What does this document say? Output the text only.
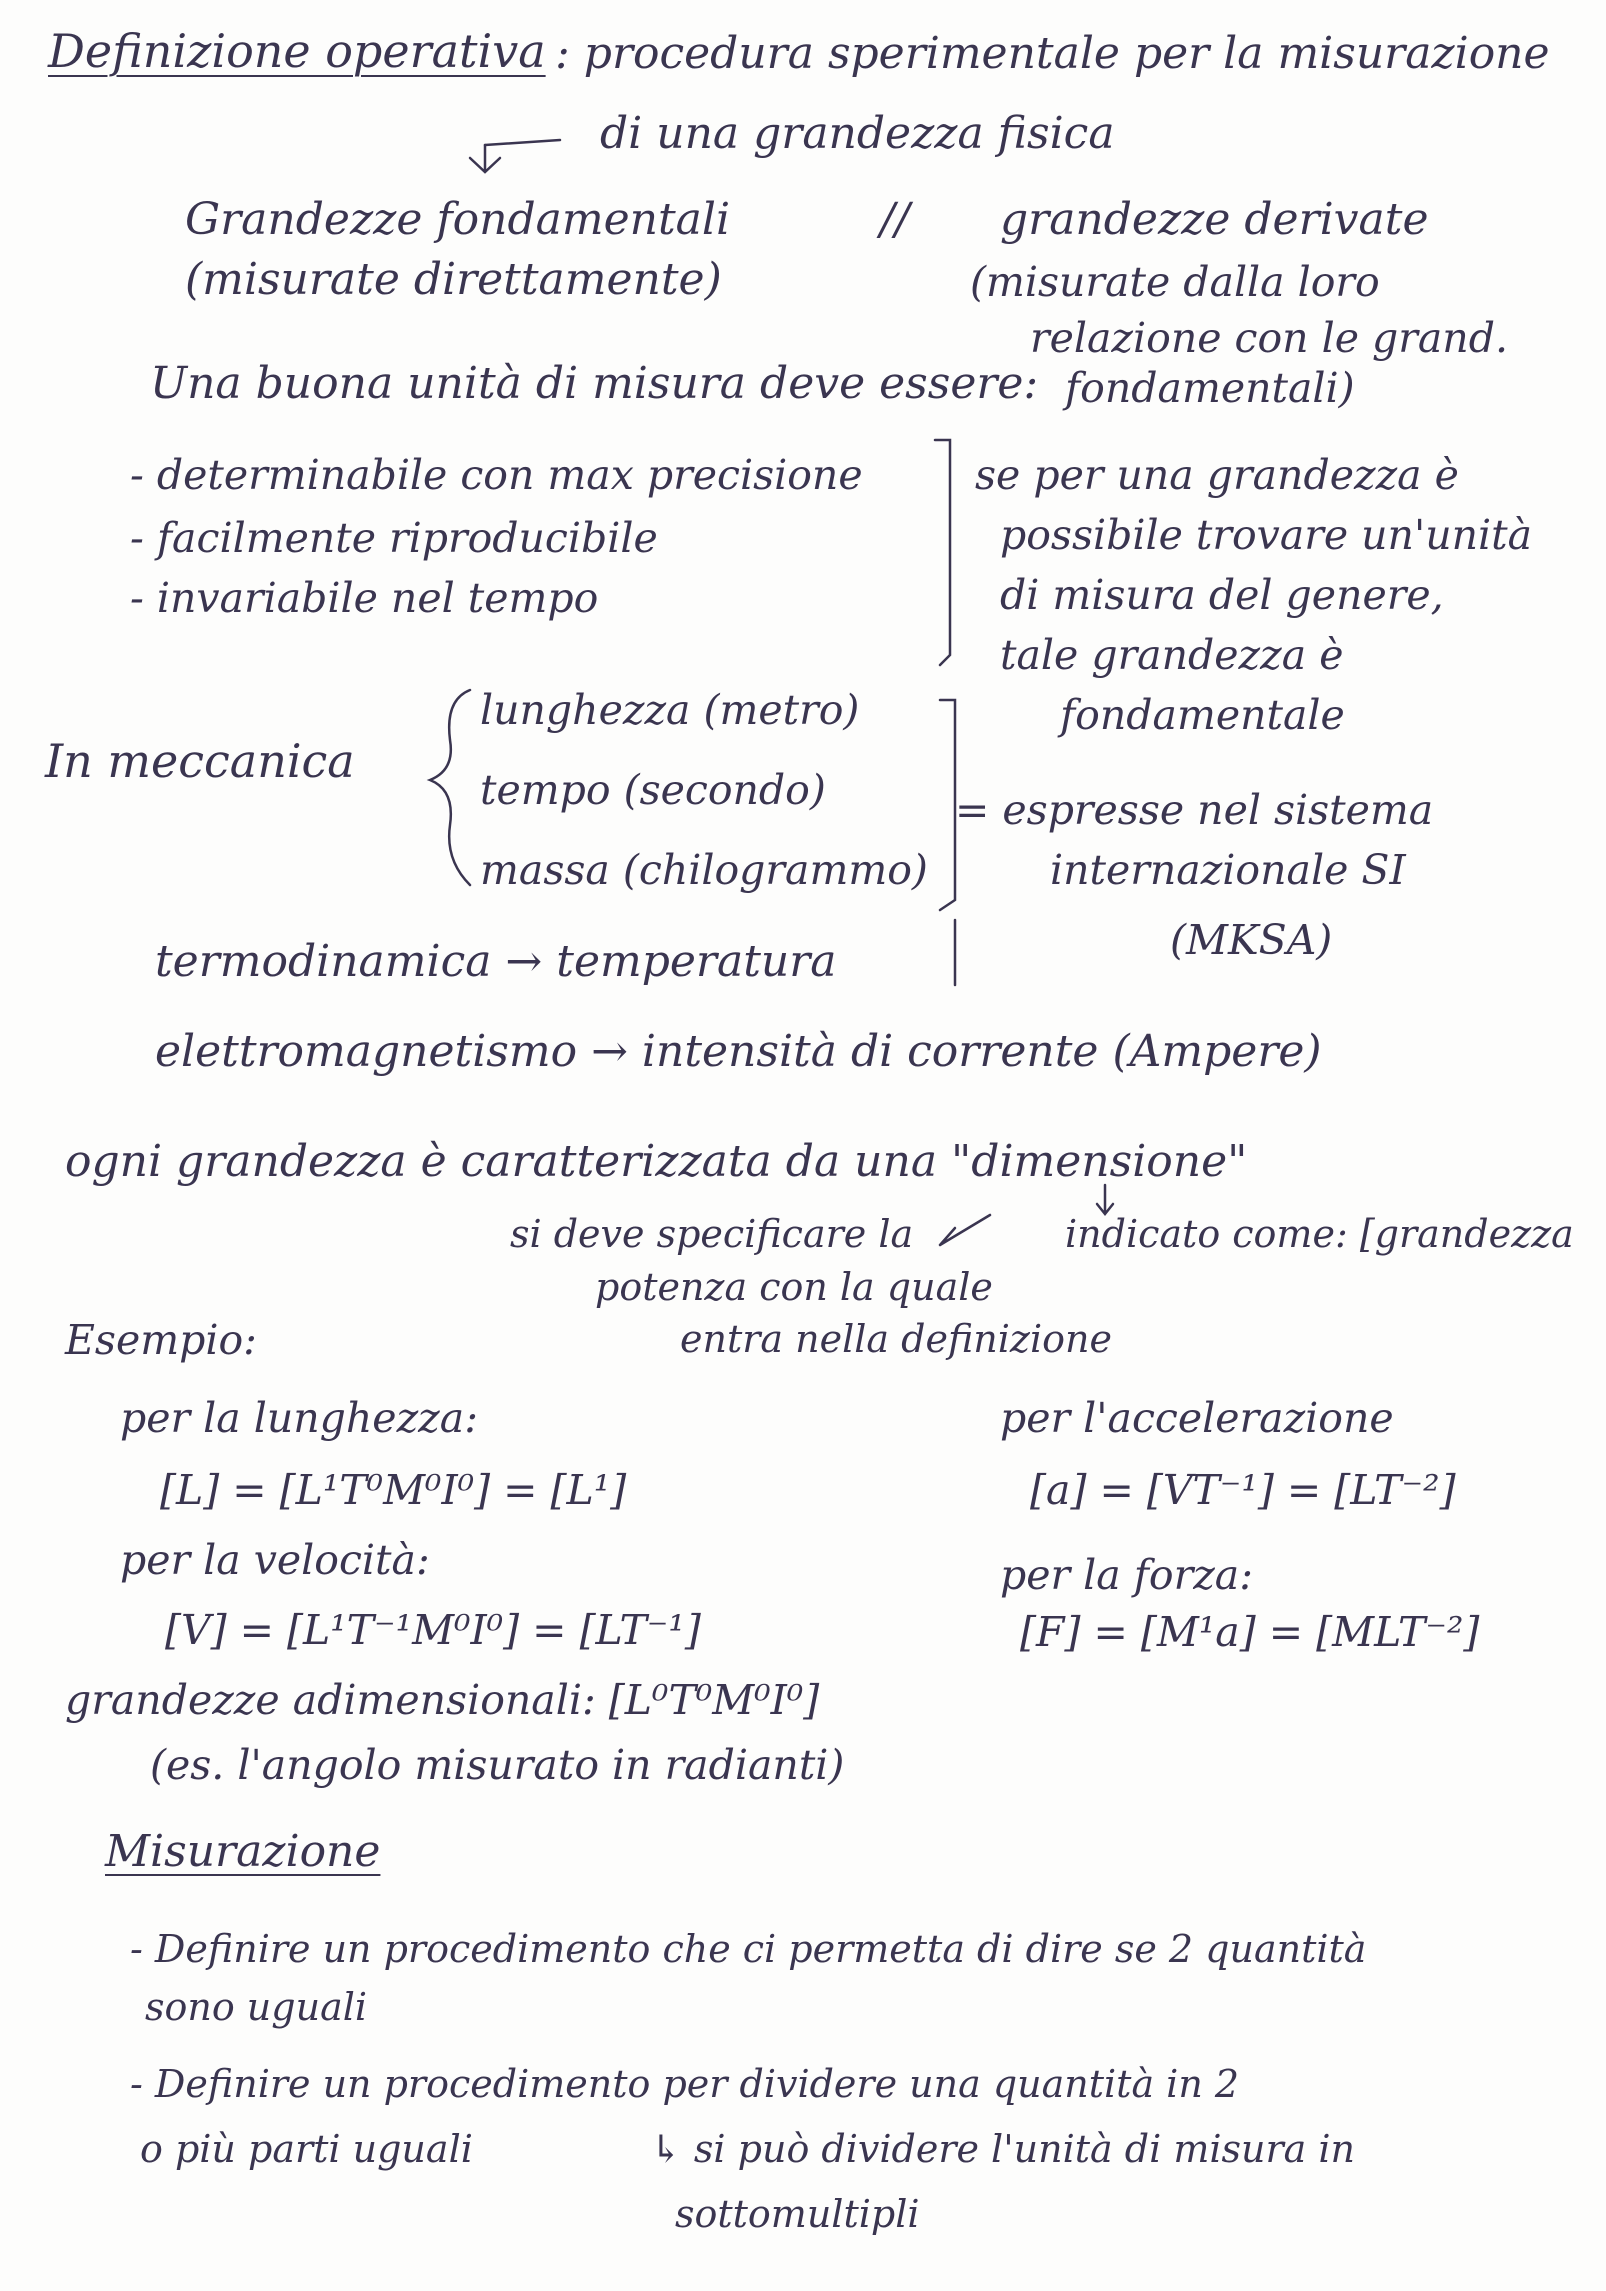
Definizione operativa : procedura sperimentale per la misurazione
di una grandezza fisica
Grandezze fondamentali
(misurate direttamente)
// grandezze derivate
(misurate dalla loro
relazione con le grand.
fondamentali)
Una buona unità di misura deve essere:
- determinabile con max precisione
- facilmente riproducibile
- invariabile nel tempo
se per una grandezza è
possibile trovare un'unità
di misura del genere,
tale grandezza è
fondamentale
In meccanica
lunghezza (metro)
tempo (secondo)
massa (chilogrammo)
= espresse nel sistema
internazionale SI
(MKSA)
termodinamica → temperatura
elettromagnetismo → intensità di corrente (Ampere)
ogni grandezza è caratterizzata da una "dimensione"
si deve specificare la
potenza con la quale
entra nella definizione
indicato come: [grandezza
Esempio:
per la lunghezza:
[L] = [L¹T⁰M⁰I⁰] = [L¹]
per la velocità:
[V] = [L¹T⁻¹M⁰I⁰] = [LT⁻¹]
per l'accelerazione
[a] = [VT⁻¹] = [LT⁻²]
per la forza:
[F] = [M¹a] = [MLT⁻²]
grandezze adimensionali: [L⁰T⁰M⁰I⁰]
(es. l'angolo misurato in radianti)
Misurazione
- Definire un procedimento che ci permetta di dire se 2 quantità
sono uguali
- Definire un procedimento per dividere una quantità in 2
o più parti uguali	↳ si può dividere l'unità di misura in
sottomultipli
